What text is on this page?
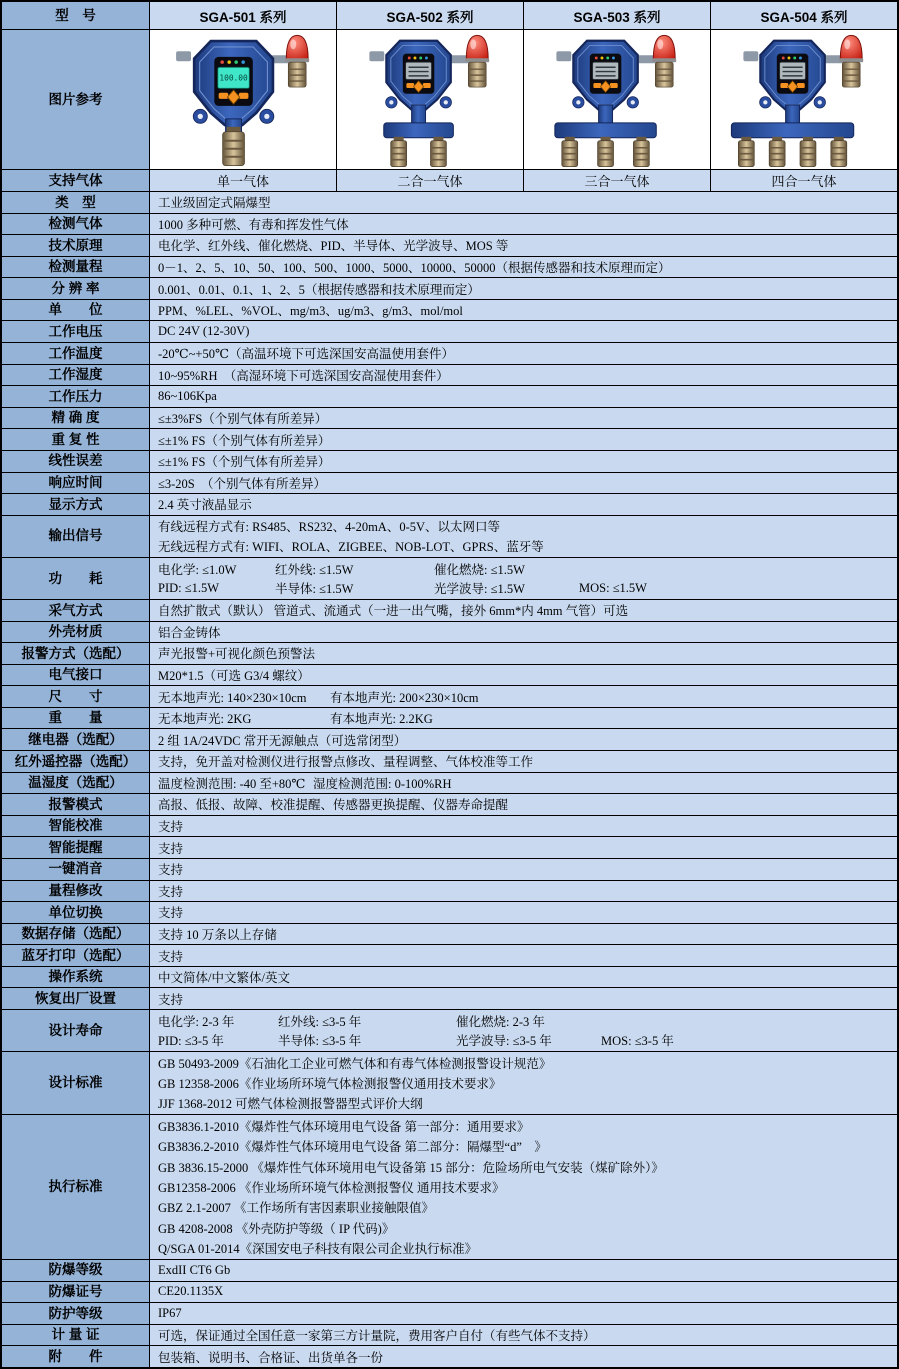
型　号	SGA-501 系列	SGA-502 系列	SGA-503 系列	SGA-504 系列
图片参考
100.00
支持气体	单一气体	二合一气体	三合一气体	四合一气体
类　型	工业级固定式隔爆型
检测气体	1000 多种可燃、有毒和挥发性气体
技术原理	电化学、红外线、催化燃烧、PID、半导体、光学波导、MOS 等
检测量程	0－1、2、5、10、50、100、500、1000、5000、10000、50000（根据传感器和技术原理而定）
分 辨 率	0.001、0.01、0.1、1、2、5（根据传感器和技术原理而定）
单　　位	PPM、%LEL、%VOL、mg/m3、ug/m3、g/m3、mol/mol
工作电压	DC 24V (12-30V)
工作温度	-20℃~+50℃（高温环境下可选深国安高温使用套件）
工作湿度	10~95%RH　（高湿环境下可选深国安高湿使用套件）
工作压力	86~106Kpa
精 确 度	≤±3%FS（个别气体有所差异）
重 复 性	≤±1% FS（个别气体有所差异）
线性误差	≤±1% FS（个别气体有所差异）
响应时间	≤3-20S　（个别气体有所差异）
显示方式	2.4 英寸液晶显示
输出信号
有线远程方式有: RS485、RS232、4-20mA、0-5V、以太网口等
无线远程方式有: WIFI、ROLA、ZIGBEE、NOB-LOT、GPRS、蓝牙等
功　　耗
电化学: ≤1.0W	红外线: ≤1.5W	催化燃烧: ≤1.5W
PID: ≤1.5W	半导体: ≤1.5W	光学波导: ≤1.5W	MOS: ≤1.5W
采气方式	自然扩散式（默认） 管道式、流通式（一进一出气嘴，接外 6mm*内 4mm 气管）可选
外壳材质	铝合金铸体
报警方式（选配）	声光报警+可视化颜色预警法
电气接口	M20*1.5（可选 G3/4 螺纹）
尺　　寸	无本地声光: 140×230×10cm	有本地声光: 200×230×10cm
重　　量	无本地声光: 2KG	有本地声光: 2.2KG
继电器（选配）	2 组 1A/24VDC 常开无源触点（可选常闭型）
红外遥控器（选配）	支持，免开盖对检测仪进行报警点修改、量程调整、气体校准等工作
温湿度（选配）	温度检测范围: -40 至+80℃ 湿度检测范围: 0-100%RH
报警模式	高报、低报、故障、校准提醒、传感器更换提醒、仪器寿命提醒
智能校准	支持
智能提醒	支持
一键消音	支持
量程修改	支持
单位切换	支持
数据存储（选配）	支持 10 万条以上存储
蓝牙打印（选配）	支持
操作系统	中文简体/中文繁体/英文
恢复出厂设置	支持
设计寿命
电化学: 2-3 年	红外线: ≤3-5 年	催化燃烧: 2-3 年
PID: ≤3-5 年	半导体: ≤3-5 年	光学波导: ≤3-5 年	MOS: ≤3-5 年
设计标准
GB 50493-2009《石油化工企业可燃气体和有毒气体检测报警设计规范》
GB 12358-2006《作业场所环境气体检测报警仪通用技术要求》
JJF 1368-2012 可燃气体检测报警器型式评价大纲
执行标准
GB3836.1-2010《爆炸性气体环境用电气设备 第一部分：通用要求》
GB3836.2-2010《爆炸性气体环境用电气设备 第二部分：隔爆型“d”　》
GB 3836.15-2000 《爆炸性气体环境用电气设备第 15 部分：危险场所电气安装（煤矿除外）》
GB12358-2006 《作业场所环境气体检测报警仪 通用技术要求》
GBZ 2.1-2007 《工作场所有害因素职业接触限值》
GB 4208-2008 《外壳防护等级（ IP 代码)》
Q/SGA 01-2014《深国安电子科技有限公司企业执行标准》
防爆等级	ExdII CT6 Gb
防爆证号	CE20.1135X
防护等级	IP67
计 量 证	可选，保证通过全国任意一家第三方计量院，费用客户自付（有些气体不支持）
附　　件	包装箱、说明书、合格证、出货单各一份
